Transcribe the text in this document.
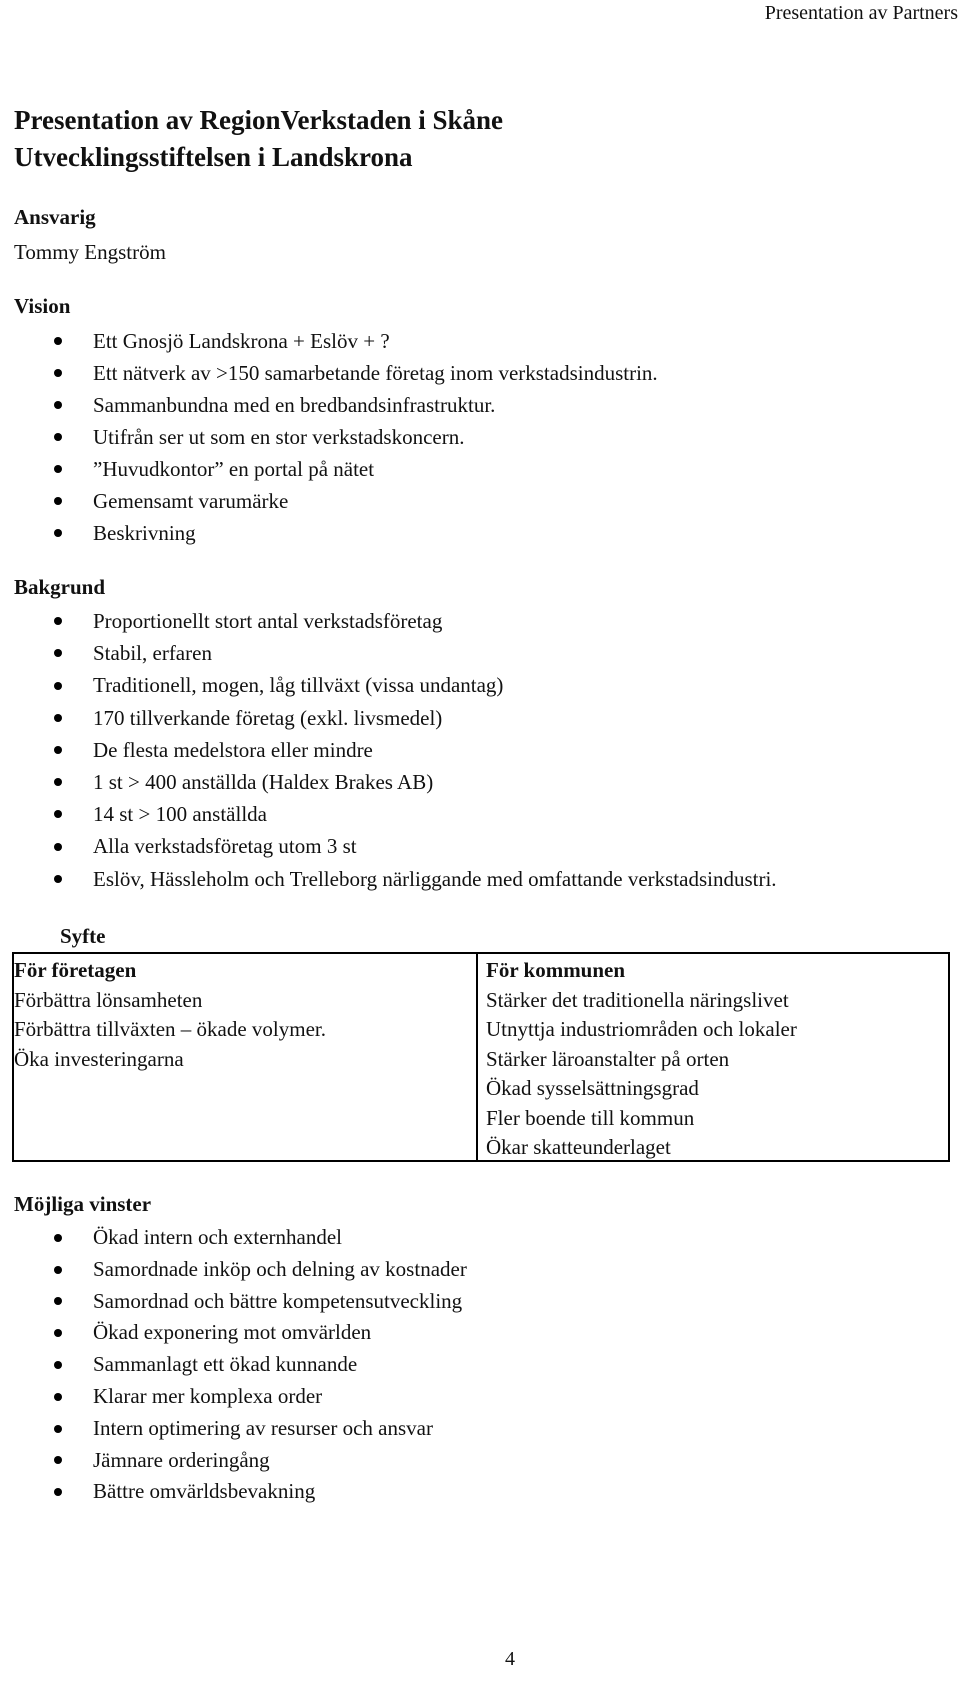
Presentation av Partners
Presentation av RegionVerkstaden i Skåne
Utvecklingsstiftelsen i Landskrona
Ansvarig
Tommy Engström
Vision
Ett Gnosjö Landskrona + Eslöv + ?
Ett nätverk av >150 samarbetande företag inom verkstadsindustrin.
Sammanbundna med en bredbandsinfrastruktur.
Utifrån ser ut som en stor verkstadskoncern.
”Huvudkontor” en portal på nätet
Gemensamt varumärke
Beskrivning
Bakgrund
Proportionellt stort antal verkstadsföretag
Stabil, erfaren
Traditionell, mogen, låg tillväxt (vissa undantag)
170 tillverkande företag (exkl. livsmedel)
De flesta medelstora eller mindre
1 st > 400 anställda (Haldex Brakes AB)
14 st > 100 anställda
Alla verkstadsföretag utom 3 st
Eslöv, Hässleholm och Trelleborg närliggande med omfattande verkstadsindustri.
Syfte
För företagen
Förbättra lönsamheten
Förbättra tillväxten – ökade volymer.
Öka investeringarna
För kommunen
Stärker det traditionella näringslivet
Utnyttja industriområden och lokaler
Stärker läroanstalter på orten
Ökad sysselsättningsgrad
Fler boende till kommun
Ökar skatteunderlaget
Möjliga vinster
Ökad intern och externhandel
Samordnade inköp och delning av kostnader
Samordnad och bättre kompetensutveckling
Ökad exponering mot omvärlden
Sammanlagt ett ökad kunnande
Klarar mer komplexa order
Intern optimering av resurser och ansvar
Jämnare orderingång
Bättre omvärldsbevakning
4
